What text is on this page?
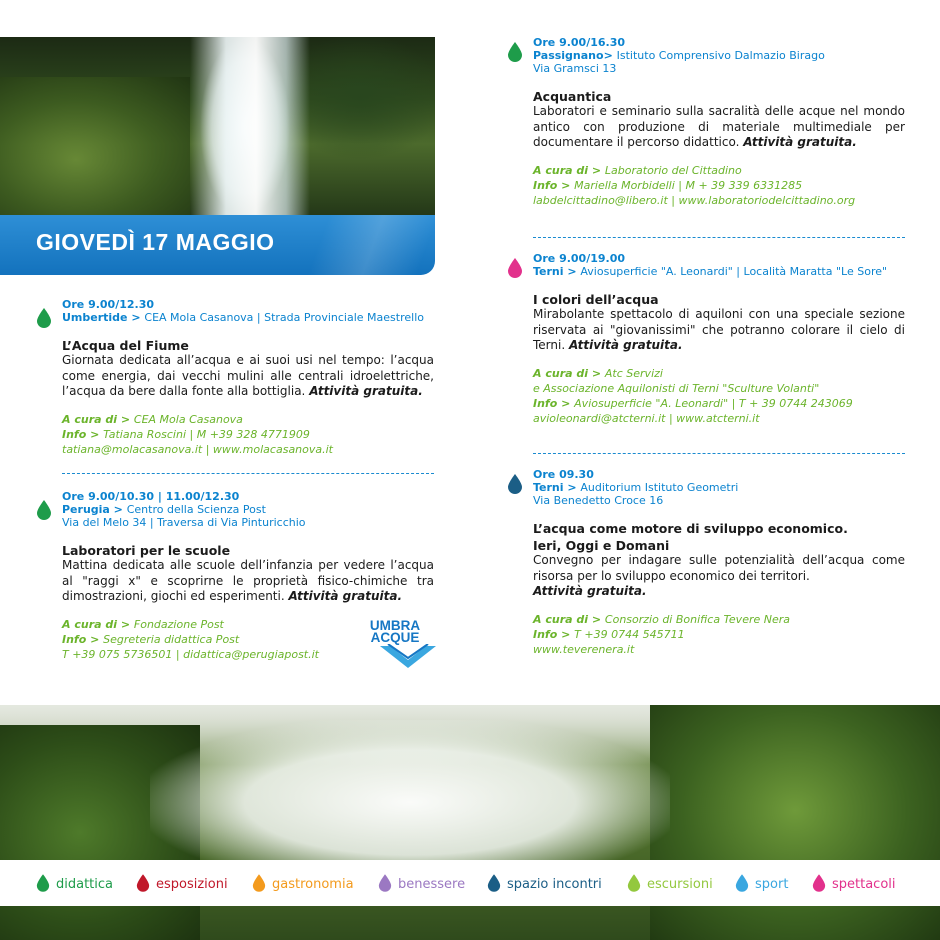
GIOVEDÌ 17 MAGGIO
Ore 9.00/12.30
Umbertide > CEA Mola Casanova | Strada Provinciale Maestrello
L’Acqua del Fiume
Giornata dedicata all’acqua e ai suoi usi nel tempo: l’acqua come energia, dai vecchi mulini alle centrali idroelettriche, l’acqua da bere dalla fonte alla bottiglia. Attività gratuita.
A cura di > CEA Mola Casanova
Info > Tatiana Roscini | M +39 328 4771909
tatiana@molacasanova.it | www.molacasanova.it
Ore 9.00/10.30 | 11.00/12.30
Perugia > Centro della Scienza Post
Via del Melo 34 | Traversa di Via Pinturicchio
Laboratori per le scuole
Mattina dedicata alle scuole dell’infanzia per vedere l’acqua al "raggi x" e scoprirne le proprietà fisico-chimiche tra dimostrazioni, giochi ed esperimenti. Attività gratuita.
A cura di > Fondazione Post
Info > Segreteria didattica Post
T +39 075 5736501 | didattica@perugiapost.it
UMBRA
ACQUE
Ore 9.00/16.30
Passignano> Istituto Comprensivo Dalmazio Birago
Via Gramsci 13
Acquantica
Laboratori e seminario sulla sacralità delle acque nel mondo antico con produzione di materiale multimediale per documentare il percorso didattico. Attività gratuita.
A cura di > Laboratorio del Cittadino
Info > Mariella Morbidelli | M + 39 339 6331285
labdelcittadino@libero.it | www.laboratoriodelcittadino.org
Ore 9.00/19.00
Terni > Aviosuperficie "A. Leonardi" | Località Maratta "Le Sore"
I colori dell’acqua
Mirabolante spettacolo di aquiloni con una speciale sezione riservata ai "giovanissimi" che potranno colorare il cielo di Terni. Attività gratuita.
A cura di > Atc Servizi
e Associazione Aquilonisti di Terni "Sculture Volanti"
Info > Aviosuperficie "A. Leonardi" | T + 39 0744 243069
avioleonardi@atcterni.it | www.atcterni.it
Ore 09.30
Terni > Auditorium Istituto Geometri
Via Benedetto Croce 16
L’acqua come motore di sviluppo economico.
Ieri, Oggi e Domani
Convegno per indagare sulle potenzialità dell’acqua come risorsa per lo sviluppo economico dei territori.
Attività gratuita.
A cura di > Consorzio di Bonifica Tevere Nera
Info > T +39 0744 545711
www.teverenera.it
didattica	esposizioni	gastronomia	benessere	spazio incontri	escursioni	sport	spettacoli
